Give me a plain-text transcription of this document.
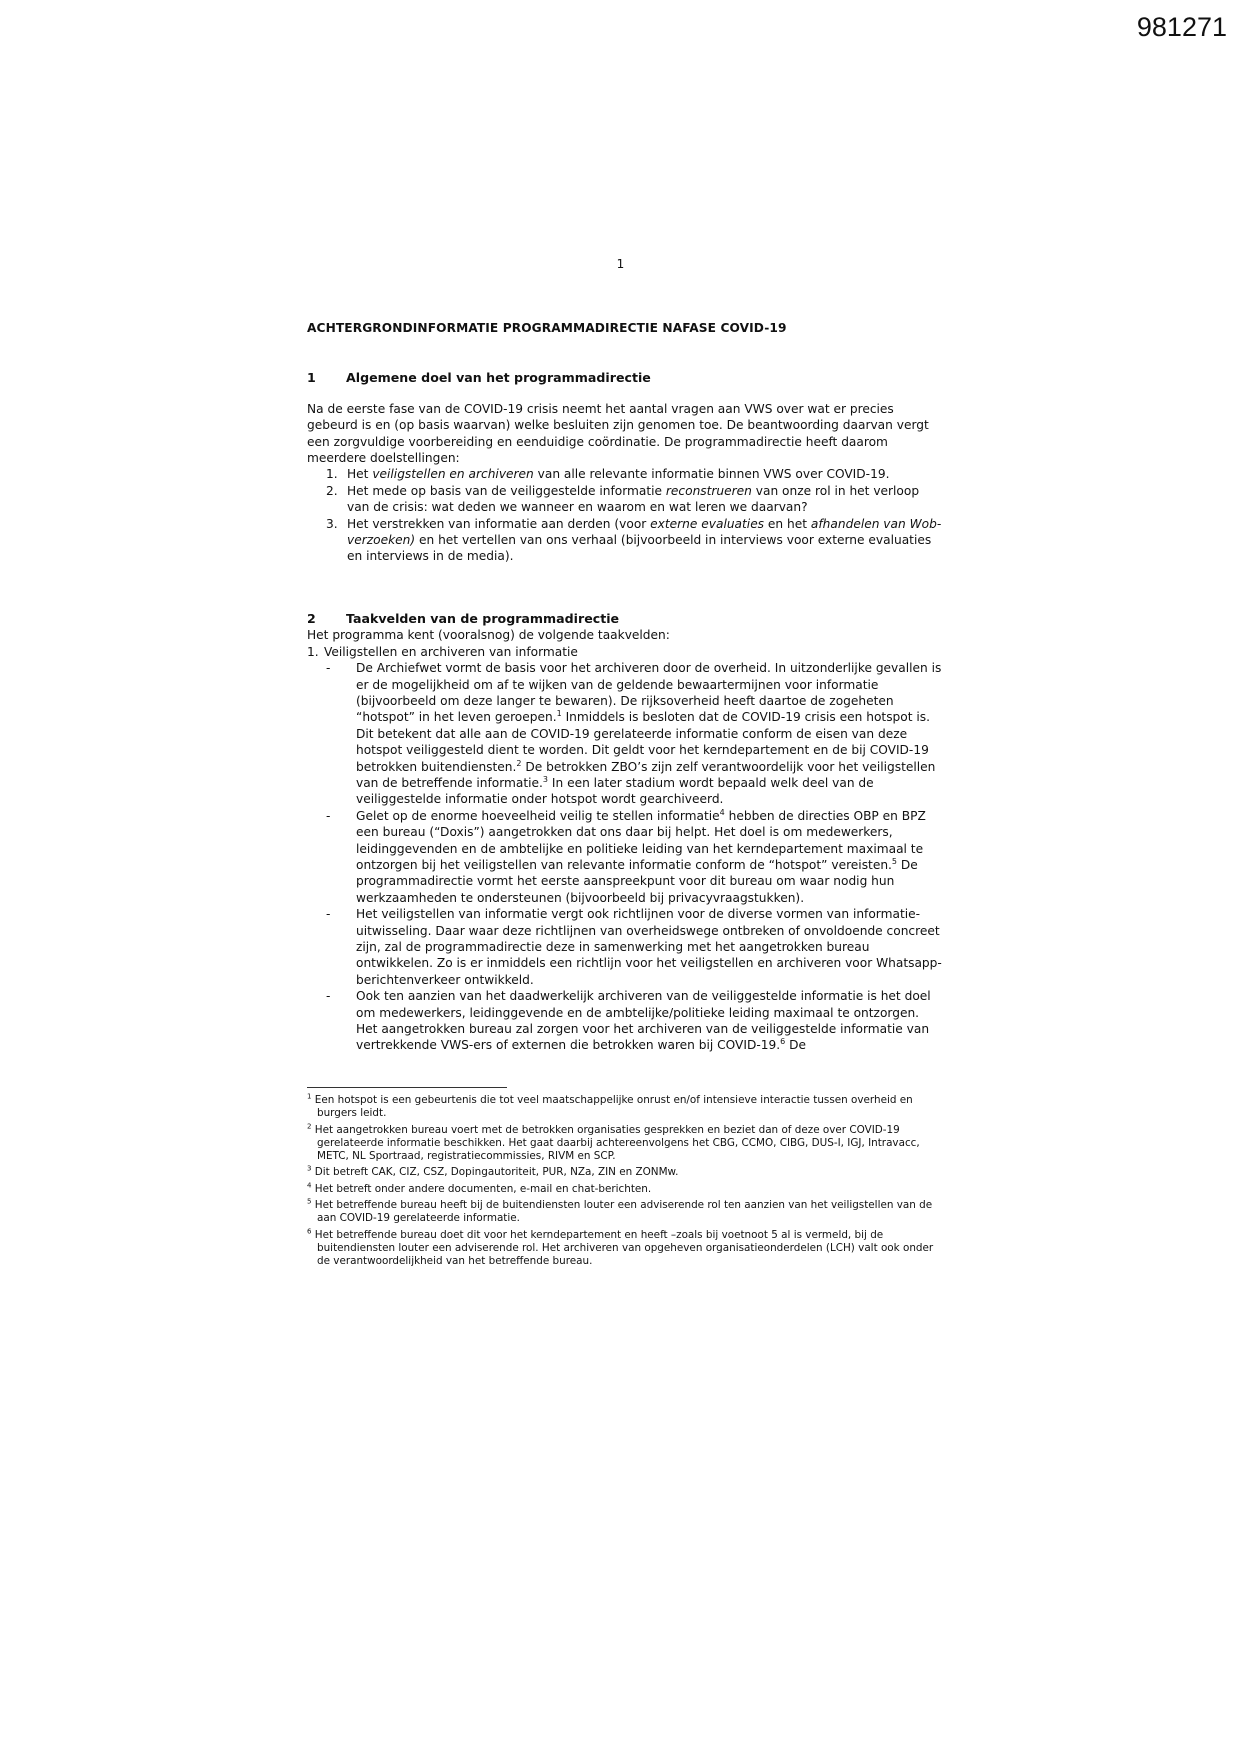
981271
1
ACHTERGRONDINFORMATIE PROGRAMMADIRECTIE NAFASE COVID-19
1	Algemene doel van het programmadirectie

Na de eerste fase van de COVID-19 crisis neemt het aantal vragen aan VWS over wat er precies gebeurd is en (op basis waarvan) welke besluiten zijn genomen toe. De beantwoording daarvan vergt een zorgvuldige voorbereiding en eenduidige coördinatie. De programmadirectie heeft daarom meerdere doelstellingen:

1. Het veiligstellen en archiveren van alle relevante informatie binnen VWS over COVID-19.
2. Het mede op basis van de veiliggestelde informatie reconstrueren van onze rol in het verloop van de crisis: wat deden we wanneer en waarom en wat leren we daarvan?
3. Het verstrekken van informatie aan derden (voor externe evaluaties en het afhandelen van Wob-verzoeken) en het vertellen van ons verhaal (bijvoorbeeld in interviews voor externe evaluaties en interviews in de media).
2	Taakvelden van de programmadirectie

Het programma kent (vooralsnog) de volgende taakvelden:

1. Veiligstellen en archiveren van informatie
-	De Archiefwet vormt de basis voor het archiveren door de overheid. In uitzonderlijke gevallen is er de mogelijkheid om af te wijken van de geldende bewaartermijnen voor informatie (bijvoorbeeld om deze langer te bewaren). De rijksoverheid heeft daartoe de zogeheten “hotspot” in het leven geroepen.$^1$ Inmiddels is besloten dat de COVID-19 crisis een hotspot is. Dit betekent dat alle aan de COVID-19 gerelateerde informatie conform de eisen van deze hotspot veiliggesteld dient te worden. Dit geldt voor het kerndepartement en de bij COVID-19 betrokken buitendiensten.$^2$ De betrokken ZBO’s zijn zelf verantwoordelijk voor het veiligstellen van de betreffende informatie.$^3$ In een later stadium wordt bepaald welk deel van de veiliggestelde informatie onder hotspot wordt gearchiveerd.
-	Gelet op de enorme hoeveelheid veilig te stellen informatie$^4$ hebben de directies OBP en BPZ een bureau (“Doxis”) aangetrokken dat ons daar bij helpt. Het doel is om medewerkers, leidinggevenden en de ambtelijke en politieke leiding van het kerndepartement maximaal te ontzorgen bij het veiligstellen van relevante informatie conform de “hotspot” vereisten.$^5$ De programmadirectie vormt het eerste aanspreekpunt voor dit bureau om waar nodig hun werkzaamheden te ondersteunen (bijvoorbeeld bij privacyvraagstukken).
-	Het veiligstellen van informatie vergt ook richtlijnen voor de diverse vormen van informatie-uitwisseling. Daar waar deze richtlijnen van overheidswege ontbreken of onvoldoende concreet zijn, zal de programmadirectie deze in samenwerking met het aangetrokken bureau ontwikkelen. Zo is er inmiddels een richtlijn voor het veiligstellen en archiveren voor Whatsapp-berichtenverkeer ontwikkeld.
-	Ook ten aanzien van het daadwerkelijk archiveren van de veiliggestelde informatie is het doel om medewerkers, leidinggevende en de ambtelijke/politieke leiding maximaal te ontzorgen. Het aangetrokken bureau zal zorgen voor het archiveren van de veiliggestelde informatie van vertrekkende VWS-ers of externen die betrokken waren bij COVID-19.$^6$ De
$^1$ Een hotspot is een gebeurtenis die tot veel maatschappelijke onrust en/of intensieve interactie tussen overheid en burgers leidt.
$^2$ Het aangetrokken bureau voert met de betrokken organisaties gesprekken en beziet dan of deze over COVID-19 gerelateerde informatie beschikken. Het gaat daarbij achtereenvolgens het CBG, CCMO, CIBG, DUS-I, IGJ, Intravacc, METC, NL Sportraad, registratiecommissies, RIVM en SCP.
$^3$ Dit betreft CAK, CIZ, CSZ, Dopingautoriteit, PUR, NZa, ZIN en ZONMw.
$^4$ Het betreft onder andere documenten, e-mail en chat-berichten.
$^5$ Het betreffende bureau heeft bij de buitendiensten louter een adviserende rol ten aanzien van het veiligstellen van de aan COVID-19 gerelateerde informatie.
$^6$ Het betreffende bureau doet dit voor het kerndepartement en heeft –zoals bij voetnoot 5 al is vermeld, bij de buitendiensten louter een adviserende rol. Het archiveren van opgeheven organisatieonderdelen (LCH) valt ook onder de verantwoordelijkheid van het betreffende bureau.
